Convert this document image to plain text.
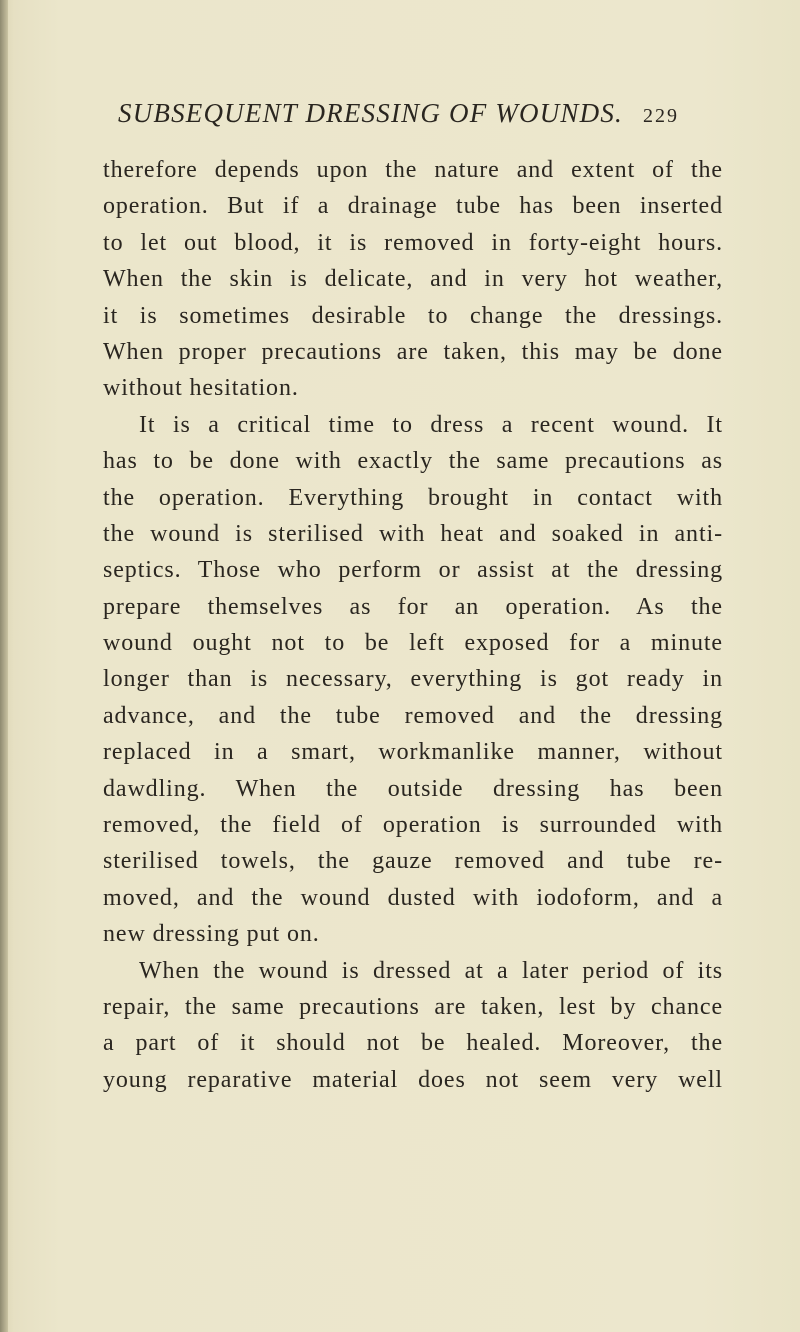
SUBSEQUENT DRESSING OF WOUNDS. 229
therefore depends upon the nature and extent of the
operation. But if a drainage tube has been inserted
to let out blood, it is removed in forty-eight hours.
When the skin is delicate, and in very hot weather,
it is sometimes desirable to change the dressings.
When proper precautions are taken, this may be done
without hesitation.
It is a critical time to dress a recent wound. It
has to be done with exactly the same precautions as
the operation. Everything brought in contact with
the wound is sterilised with heat and soaked in anti-
septics. Those who perform or assist at the dressing
prepare themselves as for an operation. As the
wound ought not to be left exposed for a minute
longer than is necessary, everything is got ready in
advance, and the tube removed and the dressing
replaced in a smart, workmanlike manner, without
dawdling. When the outside dressing has been
removed, the field of operation is surrounded with
sterilised towels, the gauze removed and tube re-
moved, and the wound dusted with iodoform, and a
new dressing put on.
When the wound is dressed at a later period of its
repair, the same precautions are taken, lest by chance
a part of it should not be healed. Moreover, the
young reparative material does not seem very well
